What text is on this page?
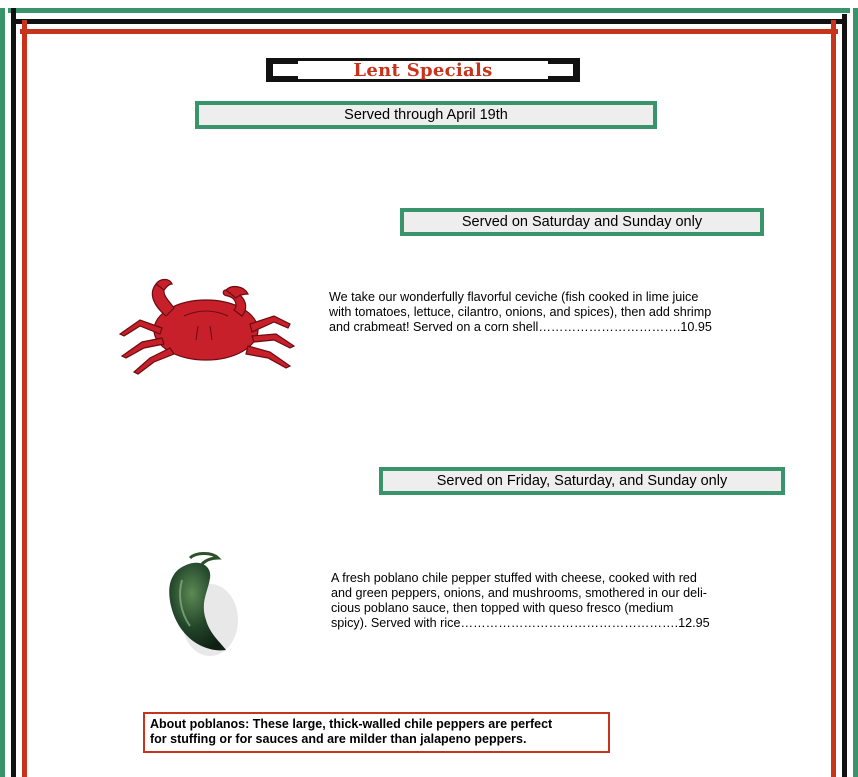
Lent Specials
Served through April 19th
Served on Saturday and Sunday only
We take our wonderfully flavorful ceviche (fish cooked in lime juice
with tomatoes, lettuce, cilantro, onions, and spices), then add shrimp
and crabmeat! Served on a corn shell…………………………….10.95
Served on Friday, Saturday, and Sunday only
A fresh poblano chile pepper stuffed with cheese, cooked with red
and green peppers, onions, and mushrooms, smothered in our deli-
cious poblano sauce, then topped with queso fresco (medium
spicy). Served with rice…………………………………………….12.95
About poblanos: These large, thick-walled chile peppers are perfect
for stuffing or for sauces and are milder than jalapeno peppers.
